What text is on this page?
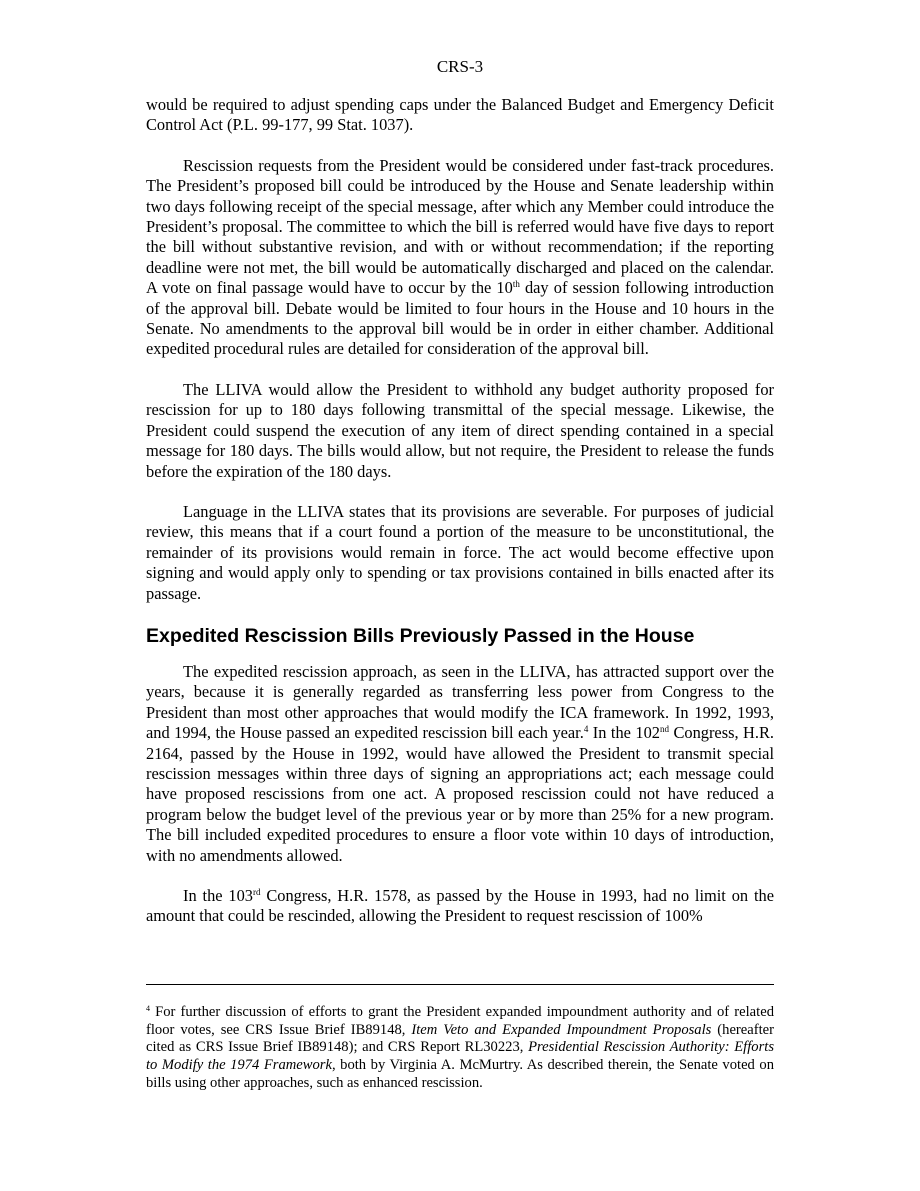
CRS-3

would be required to adjust spending caps under the Balanced Budget and Emergency Deficit Control Act (P.L. 99-177, 99 Stat. 1037).

Rescission requests from the President would be considered under fast-track procedures. The President’s proposed bill could be introduced by the House and Senate leadership within two days following receipt of the special message, after which any Member could introduce the President’s proposal. The committee to which the bill is referred would have five days to report the bill without substantive revision, and with or without recommendation; if the reporting deadline were not met, the bill would be automatically discharged and placed on the calendar. A vote on final passage would have to occur by the 10th day of session following introduction of the approval bill. Debate would be limited to four hours in the House and 10 hours in the Senate. No amendments to the approval bill would be in order in either chamber. Additional expedited procedural rules are detailed for consideration of the approval bill.

The LLIVA would allow the President to withhold any budget authority proposed for rescission for up to 180 days following transmittal of the special message. Likewise, the President could suspend the execution of any item of direct spending contained in a special message for 180 days. The bills would allow, but not require, the President to release the funds before the expiration of the 180 days.

Language in the LLIVA states that its provisions are severable. For purposes of judicial review, this means that if a court found a portion of the measure to be unconstitutional, the remainder of its provisions would remain in force. The act would become effective upon signing and would apply only to spending or tax provisions contained in bills enacted after its passage.

Expedited Rescission Bills Previously Passed in the House

The expedited rescission approach, as seen in the LLIVA, has attracted support over the years, because it is generally regarded as transferring less power from Congress to the President than most other approaches that would modify the ICA framework. In 1992, 1993, and 1994, the House passed an expedited rescission bill each year.$^4$ In the 102nd Congress, H.R. 2164, passed by the House in 1992, would have allowed the President to transmit special rescission messages within three days of signing an appropriations act; each message could have proposed rescissions from one act. A proposed rescission could not have reduced a program below the budget level of the previous year or by more than 25% for a new program. The bill included expedited procedures to ensure a floor vote within 10 days of introduction, with no amendments allowed.

In the 103rd Congress, H.R. 1578, as passed by the House in 1993, had no limit on the amount that could be rescinded, allowing the President to request rescission of 100%

$^4$ For further discussion of efforts to grant the President expanded impoundment authority and of related floor votes, see CRS Issue Brief IB89148, Item Veto and Expanded Impoundment Proposals (hereafter cited as CRS Issue Brief IB89148); and CRS Report RL30223, Presidential Rescission Authority: Efforts to Modify the 1974 Framework, both by Virginia A. McMurtry. As described therein, the Senate voted on bills using other approaches, such as enhanced rescission.
